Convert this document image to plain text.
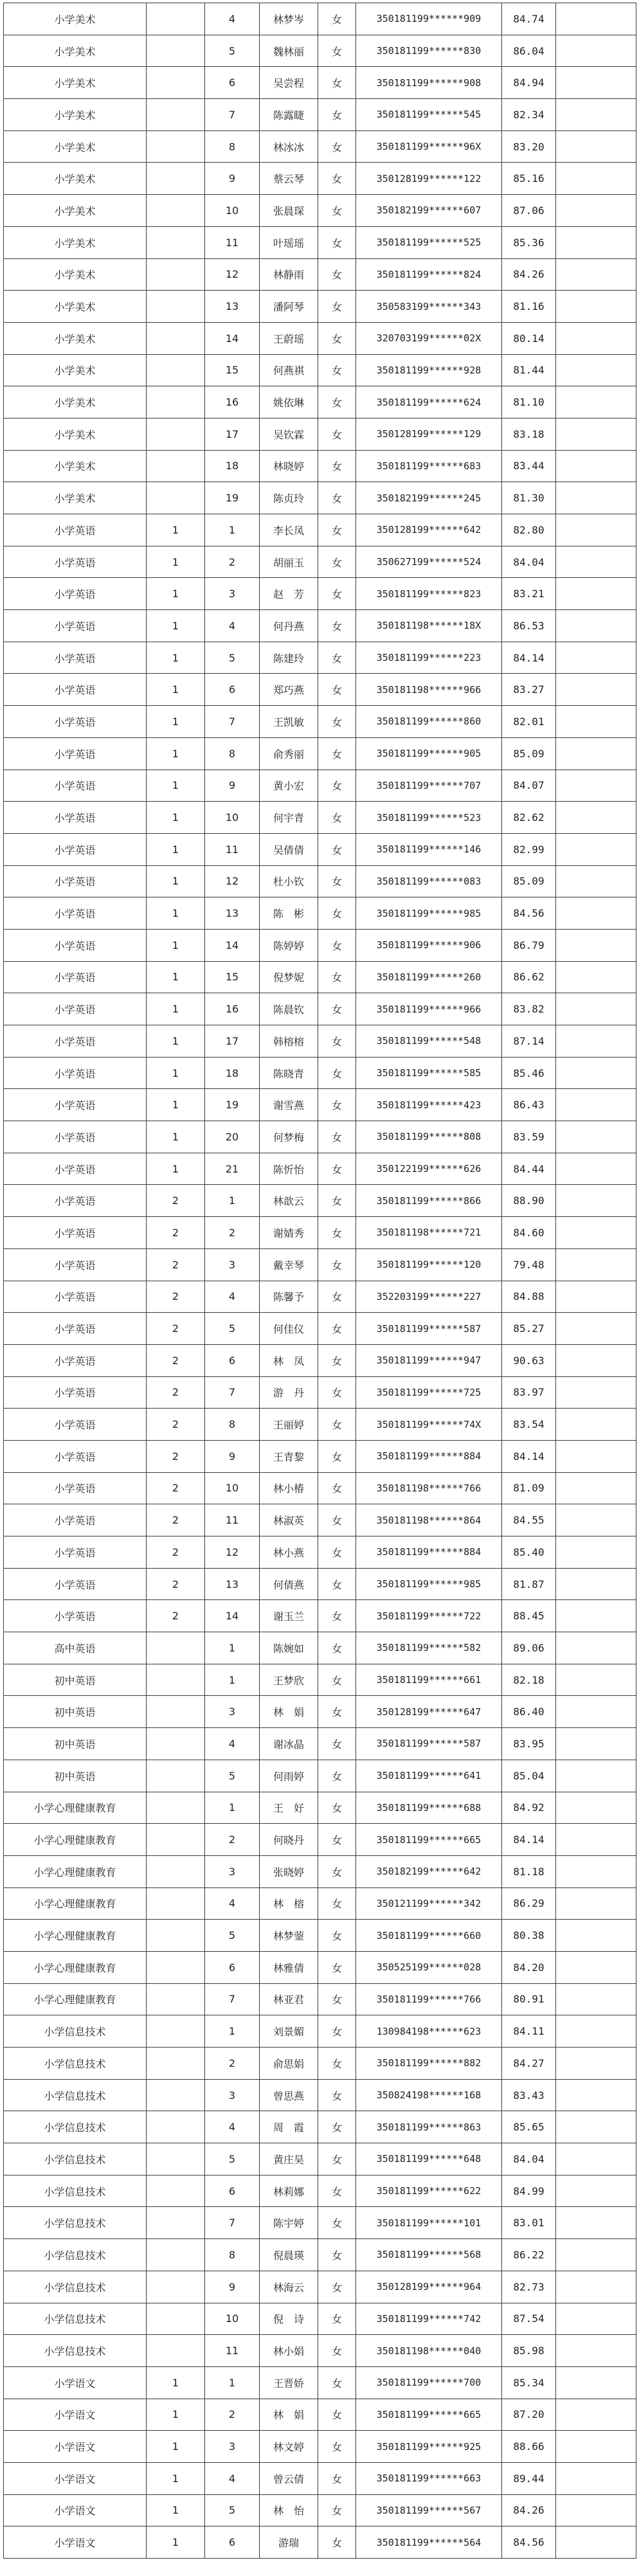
小学美术		4	林梦岑	女	350181199******909	84.74	
小学美术		5	魏林丽	女	350181199******830	86.04	
小学美术		6	吴尝程	女	350181199******908	84.94	
小学美术		7	陈露睫	女	350181199******545	82.34	
小学美术		8	林冰冰	女	350181199******96X	83.20	
小学美术		9	蔡云琴	女	350128199******122	85.16	
小学美术		10	张晨琛	女	350182199******607	87.06	
小学美术		11	叶瑶瑶	女	350181199******525	85.36	
小学美术		12	林静雨	女	350181199******824	84.26	
小学美术		13	潘阿琴	女	350583199******343	81.16	
小学美术		14	王蔚瑶	女	320703199******02X	80.14	
小学美术		15	何燕祺	女	350181199******928	81.44	
小学美术		16	姚依琳	女	350181199******624	81.10	
小学美术		17	吴钦霖	女	350128199******129	83.18	
小学美术		18	林晓婷	女	350181199******683	83.44	
小学美术		19	陈贞玲	女	350182199******245	81.30	
小学英语	1	1	李长凤	女	350128199******642	82.80	
小学英语	1	2	胡丽玉	女	350627199******524	84.04	
小学英语	1	3	赵　芳	女	350181199******823	83.21	
小学英语	1	4	何丹燕	女	350181198******18X	86.53	
小学英语	1	5	陈建玲	女	350181199******223	84.14	
小学英语	1	6	郑巧燕	女	350181198******966	83.27	
小学英语	1	7	王凯敏	女	350181199******860	82.01	
小学英语	1	8	俞秀丽	女	350181199******905	85.09	
小学英语	1	9	黄小宏	女	350181199******707	84.07	
小学英语	1	10	何宇青	女	350181199******523	82.62	
小学英语	1	11	吴倩倩	女	350181199******146	82.99	
小学英语	1	12	杜小钦	女	350181199******083	85.09	
小学英语	1	13	陈　彬	女	350181199******985	84.56	
小学英语	1	14	陈婷婷	女	350181199******906	86.79	
小学英语	1	15	倪梦妮	女	350181199******260	86.62	
小学英语	1	16	陈晨钦	女	350181199******966	83.82	
小学英语	1	17	韩榕榕	女	350181199******548	87.14	
小学英语	1	18	陈晓青	女	350181199******585	85.46	
小学英语	1	19	谢雪燕	女	350181199******423	86.43	
小学英语	1	20	何梦梅	女	350181199******808	83.59	
小学英语	1	21	陈忻怡	女	350122199******626	84.44	
小学英语	2	1	林歆云	女	350181199******866	88.90	
小学英语	2	2	谢婧秀	女	350181198******721	84.60	
小学英语	2	3	戴幸琴	女	350181199******120	79.48	
小学英语	2	4	陈馨予	女	352203199******227	84.88	
小学英语	2	5	何佳仪	女	350181199******587	85.27	
小学英语	2	6	林　凤	女	350181199******947	90.63	
小学英语	2	7	游　丹	女	350181199******725	83.97	
小学英语	2	8	王丽婷	女	350181199******74X	83.54	
小学英语	2	9	王青黎	女	350181199******884	84.14	
小学英语	2	10	林小椿	女	350181198******766	81.09	
小学英语	2	11	林淑英	女	350181198******864	84.55	
小学英语	2	12	林小燕	女	350181199******884	85.40	
小学英语	2	13	何倩燕	女	350181199******985	81.87	
小学英语	2	14	谢玉兰	女	350181199******722	88.45	
高中英语		1	陈婉如	女	350181199******582	89.06	
初中英语		1	王梦欣	女	350181199******661	82.18	
初中英语		3	林　娟	女	350128199******647	86.40	
初中英语		4	谢冰晶	女	350181199******587	83.95	
初中英语		5	何雨婷	女	350181199******641	85.04	
小学心理健康教育		1	王　好	女	350181199******688	84.92	
小学心理健康教育		2	何晓丹	女	350181199******665	84.14	
小学心理健康教育		3	张晓婷	女	350182199******642	81.18	
小学心理健康教育		4	林　榕	女	350121199******342	86.29	
小学心理健康教育		5	林梦蓥	女	350181199******660	80.38	
小学心理健康教育		6	林雅倩	女	350525199******028	84.20	
小学心理健康教育		7	林亚君	女	350181199******766	80.91	
小学信息技术		1	刘景媚	女	130984198******623	84.11	
小学信息技术		2	俞思娟	女	350181199******882	84.27	
小学信息技术		3	曾思燕	女	350824198******168	83.43	
小学信息技术		4	周　霞	女	350181199******863	85.65	
小学信息技术		5	黄庄昊	女	350181199******648	84.04	
小学信息技术		6	林莉娜	女	350181199******622	84.99	
小学信息技术		7	陈宇婷	女	350181199******101	83.01	
小学信息技术		8	倪晨瑛	女	350181199******568	86.22	
小学信息技术		9	林海云	女	350128199******964	82.73	
小学信息技术		10	倪　诗	女	350181199******742	87.54	
小学信息技术		11	林小娟	女	350181198******040	85.98	
小学语文	1	1	王晋娇	女	350181199******700	85.34	
小学语文	1	2	林　娟	女	350181199******665	87.20	
小学语文	1	3	林文婷	女	350181199******925	88.66	
小学语文	1	4	曾云倩	女	350181199******663	89.44	
小学语文	1	5	林　怡	女	350181199******567	84.26	
小学语文	1	6	游瑞	女	350181199******564	84.56	
